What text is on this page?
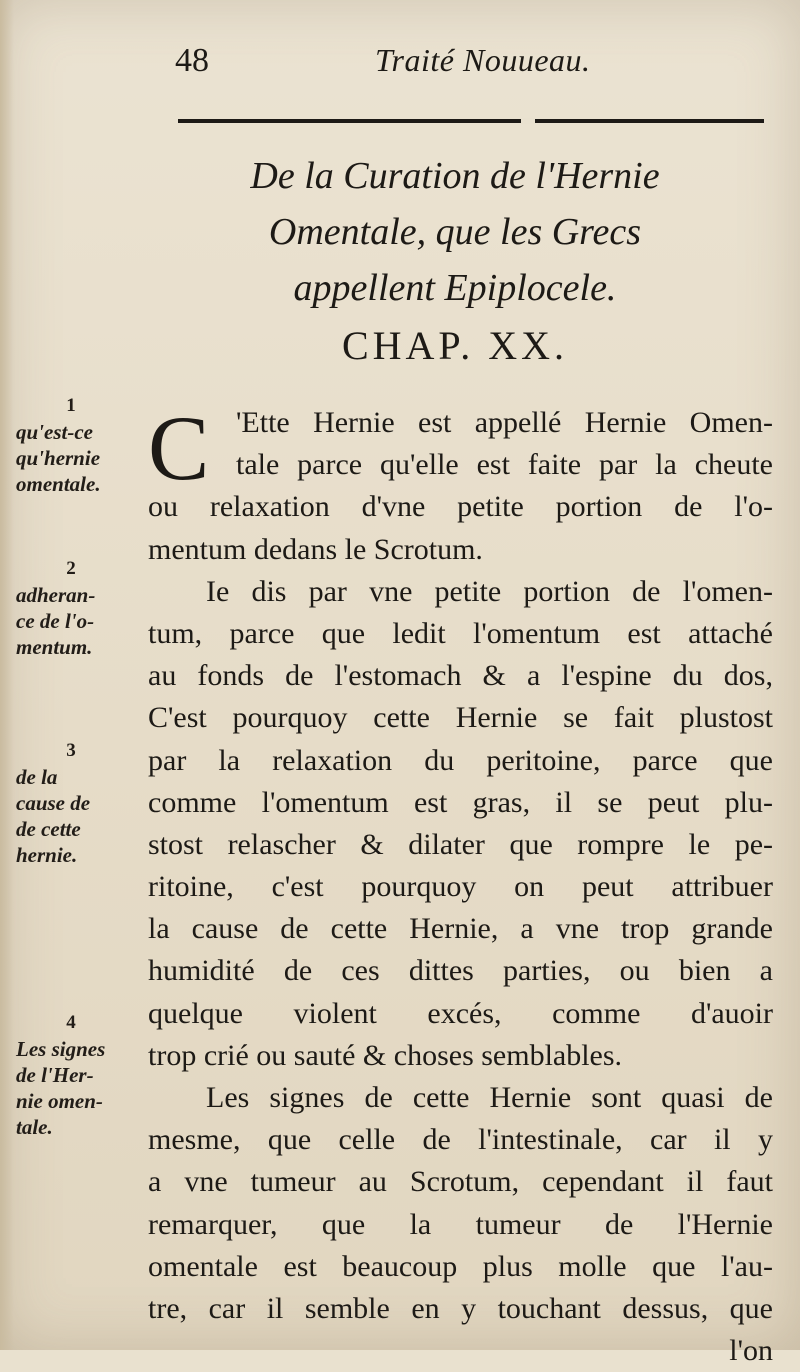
48	Traité Nouueau.
De la Curation de l'Hernie
Omentale, que les Grecs
appellent Epiplocele.
CHAP. XX.
1
qu'est-ce
qu'hernie
omentale.
2
adheran-
ce de l'o-
mentum.
3
de la
cause de
de cette
hernie.
4
Les signes
de l'Her-
nie omen-
tale.
C 'Ette Hernie est appellé Hernie Omen-
tale parce qu'elle est faite par la cheute
ou relaxation d'vne petite portion de l'o-
mentum dedans le Scrotum.
Ie dis par vne petite portion de l'omen-
tum, parce que ledit l'omentum est attaché
au fonds de l'estomach & a l'espine du dos,
C'est pourquoy cette Hernie se fait plustost
par la relaxation du peritoine, parce que
comme l'omentum est gras, il se peut plu-
stost relascher & dilater que rompre le pe-
ritoine, c'est pourquoy on peut attribuer
la cause de cette Hernie, a vne trop grande
humidité de ces dittes parties, ou bien a
quelque violent excés, comme d'auoir
trop crié ou sauté & choses semblables.
Les signes de cette Hernie sont quasi de
mesme, que celle de l'intestinale, car il y
a vne tumeur au Scrotum, cependant il faut
remarquer, que la tumeur de l'Hernie
omentale est beaucoup plus molle que l'au-
tre, car il semble en y touchant dessus, que
l'on
